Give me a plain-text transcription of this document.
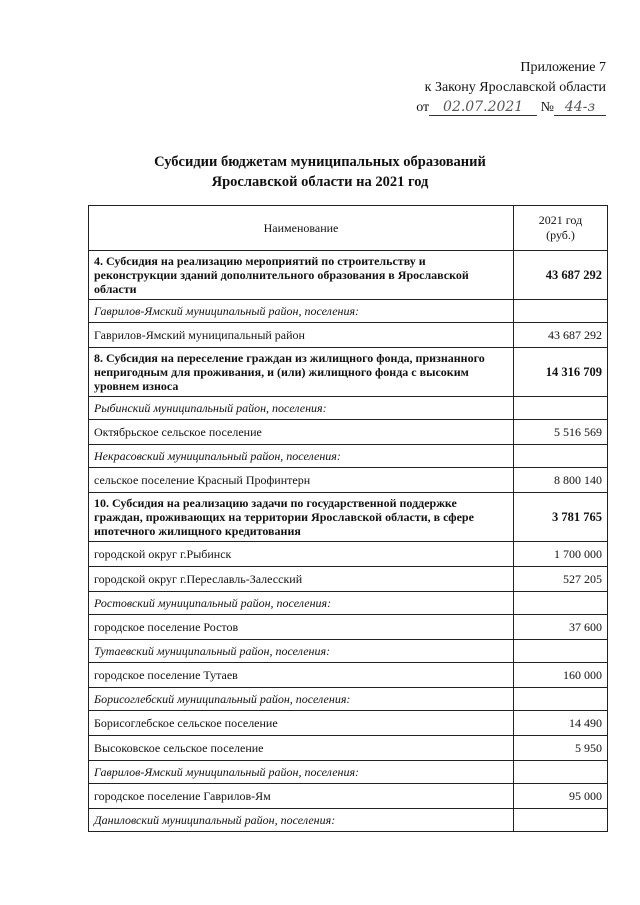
Приложение 7
к Закону Ярославской области
от 02.07.2021 № 44-з
Субсидии бюджетам муниципальных образований
Ярославской области на 2021 год
Наименование	2021 год
(руб.)

4. Субсидия на реализацию мероприятий по строительству и реконструкции зданий дополнительного образования в Ярославской области	43 687 292
Гаврилов-Ямский муниципальный район, поселения:	
Гаврилов-Ямский муниципальный район	43 687 292
8. Субсидия на переселение граждан из жилищного фонда, признанного непригодным для проживания, и (или) жилищного фонда с высоким уровнем износа	14 316 709
Рыбинский муниципальный район, поселения:	
Октябрьское сельское поселение	5 516 569
Некрасовский муниципальный район, поселения:	
сельское поселение Красный Профинтерн	8 800 140
10. Субсидия на реализацию задачи по государственной поддержке граждан, проживающих на территории Ярославской области, в сфере ипотечного жилищного кредитования	3 781 765
городской округ г.Рыбинск	1 700 000
городской округ г.Переславль-Залесский	527 205
Ростовский муниципальный район, поселения:	
городское поселение Ростов	37 600
Тутаевский муниципальный район, поселения:	
городское поселение Тутаев	160 000
Борисоглебский муниципальный район, поселения:	
Борисоглебское сельское поселение	14 490
Высоковское сельское поселение	5 950
Гаврилов-Ямский муниципальный район, поселения:	
городское поселение Гаврилов-Ям	95 000
Даниловский муниципальный район, поселения:	
